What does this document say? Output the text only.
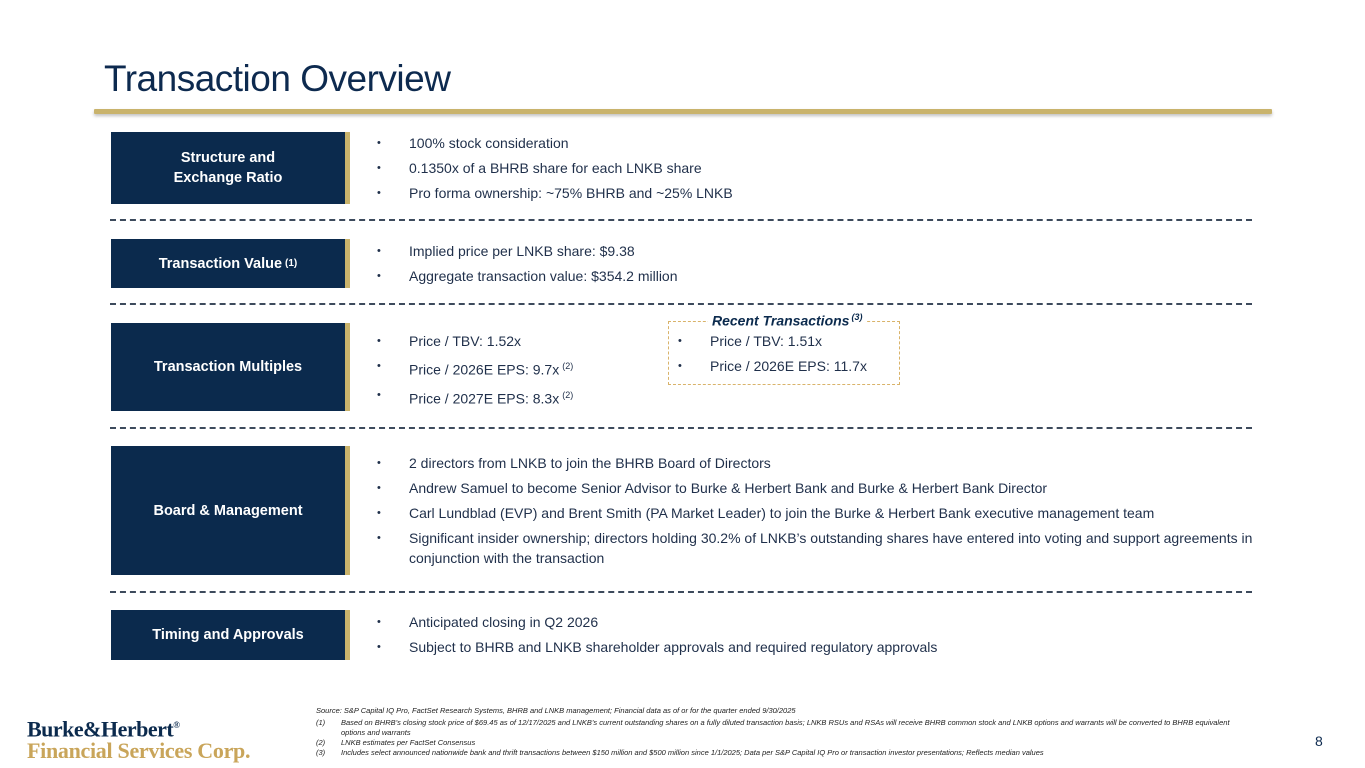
Transaction Overview
Structure and
Exchange Ratio
• 100% stock consideration
• 0.1350x of a BHRB share for each LNKB share
• Pro forma ownership: ~75% BHRB and ~25% LNKB
Transaction Value (1)
• Implied price per LNKB share: $9.38
• Aggregate transaction value: $354.2 million
Transaction Multiples
• Price / TBV: 1.52x
• Price / 2026E EPS: 9.7x $^{(2)}$
• Price / 2027E EPS: 8.3x $^{(2)}$
Recent Transactions $^{(3)}$
• Price / TBV: 1.51x
• Price / 2026E EPS: 11.7x
Board & Management
• 2 directors from LNKB to join the BHRB Board of Directors
• Andrew Samuel to become Senior Advisor to Burke & Herbert Bank and Burke & Herbert Bank Director
• Carl Lundblad (EVP) and Brent Smith (PA Market Leader) to join the Burke & Herbert Bank executive management team
• Significant insider ownership; directors holding 30.2% of LNKB’s outstanding shares have entered into voting and support agreements in conjunction with the transaction
Timing and Approvals
• Anticipated closing in Q2 2026
• Subject to BHRB and LNKB shareholder approvals and required regulatory approvals
Burke&Herbert®
Financial Services Corp.
Source: S&P Capital IQ Pro, FactSet Research Systems, BHRB and LNKB management; Financial data as of or for the quarter ended 9/30/2025
(1)	Based on BHRB’s closing stock price of $69.45 as of 12/17/2025 and LNKB’s current outstanding shares on a fully diluted transaction basis; LNKB RSUs and RSAs will receive BHRB common stock and LNKB options and warrants will be converted to BHRB equivalent options and warrants
(2)	LNKB estimates per FactSet Consensus
(3)	Includes select announced nationwide bank and thrift transactions between $150 million and $500 million since 1/1/2025; Data per S&P Capital IQ Pro or transaction investor presentations; Reflects median values
8
